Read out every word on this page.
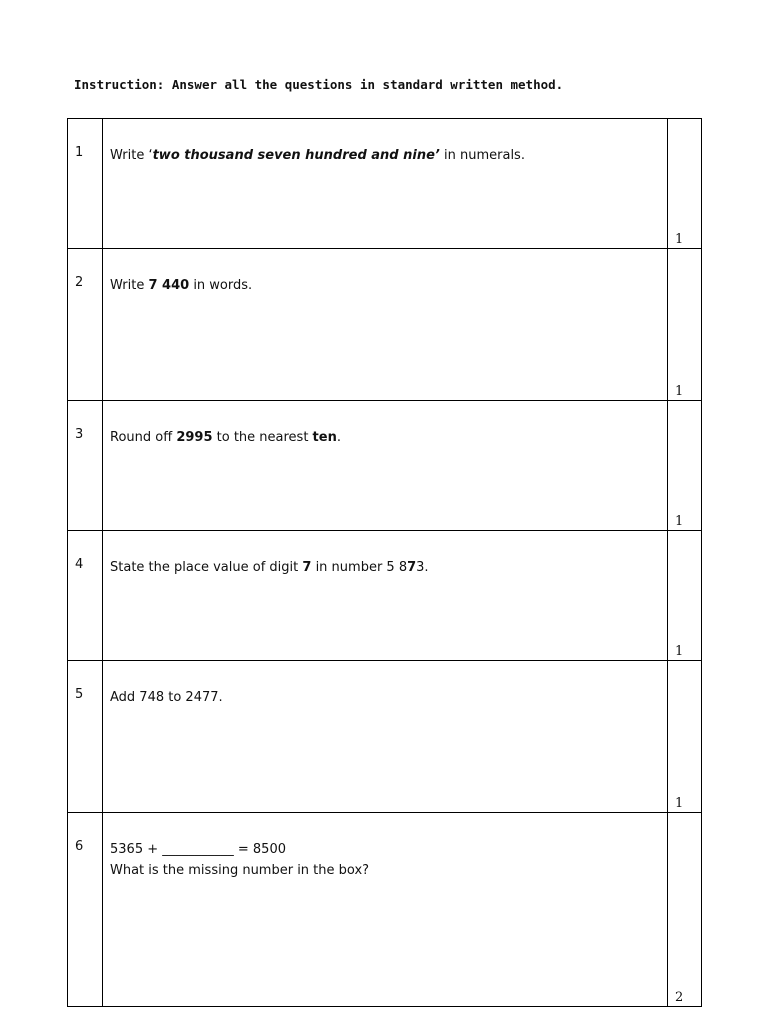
Instruction: Answer all the questions in standard written method.
1	Write ‘two thousand seven hundred and nine’ in numerals.	1
2	Write 7 440 in words.	1
3	Round off 2995 to the nearest ten.	1
4	State the place value of digit 7 in number 5 873.	1
5	Add 748 to 2477.	1
6	5365 + ___________ = 8500
What is the missing number in the box?	2
